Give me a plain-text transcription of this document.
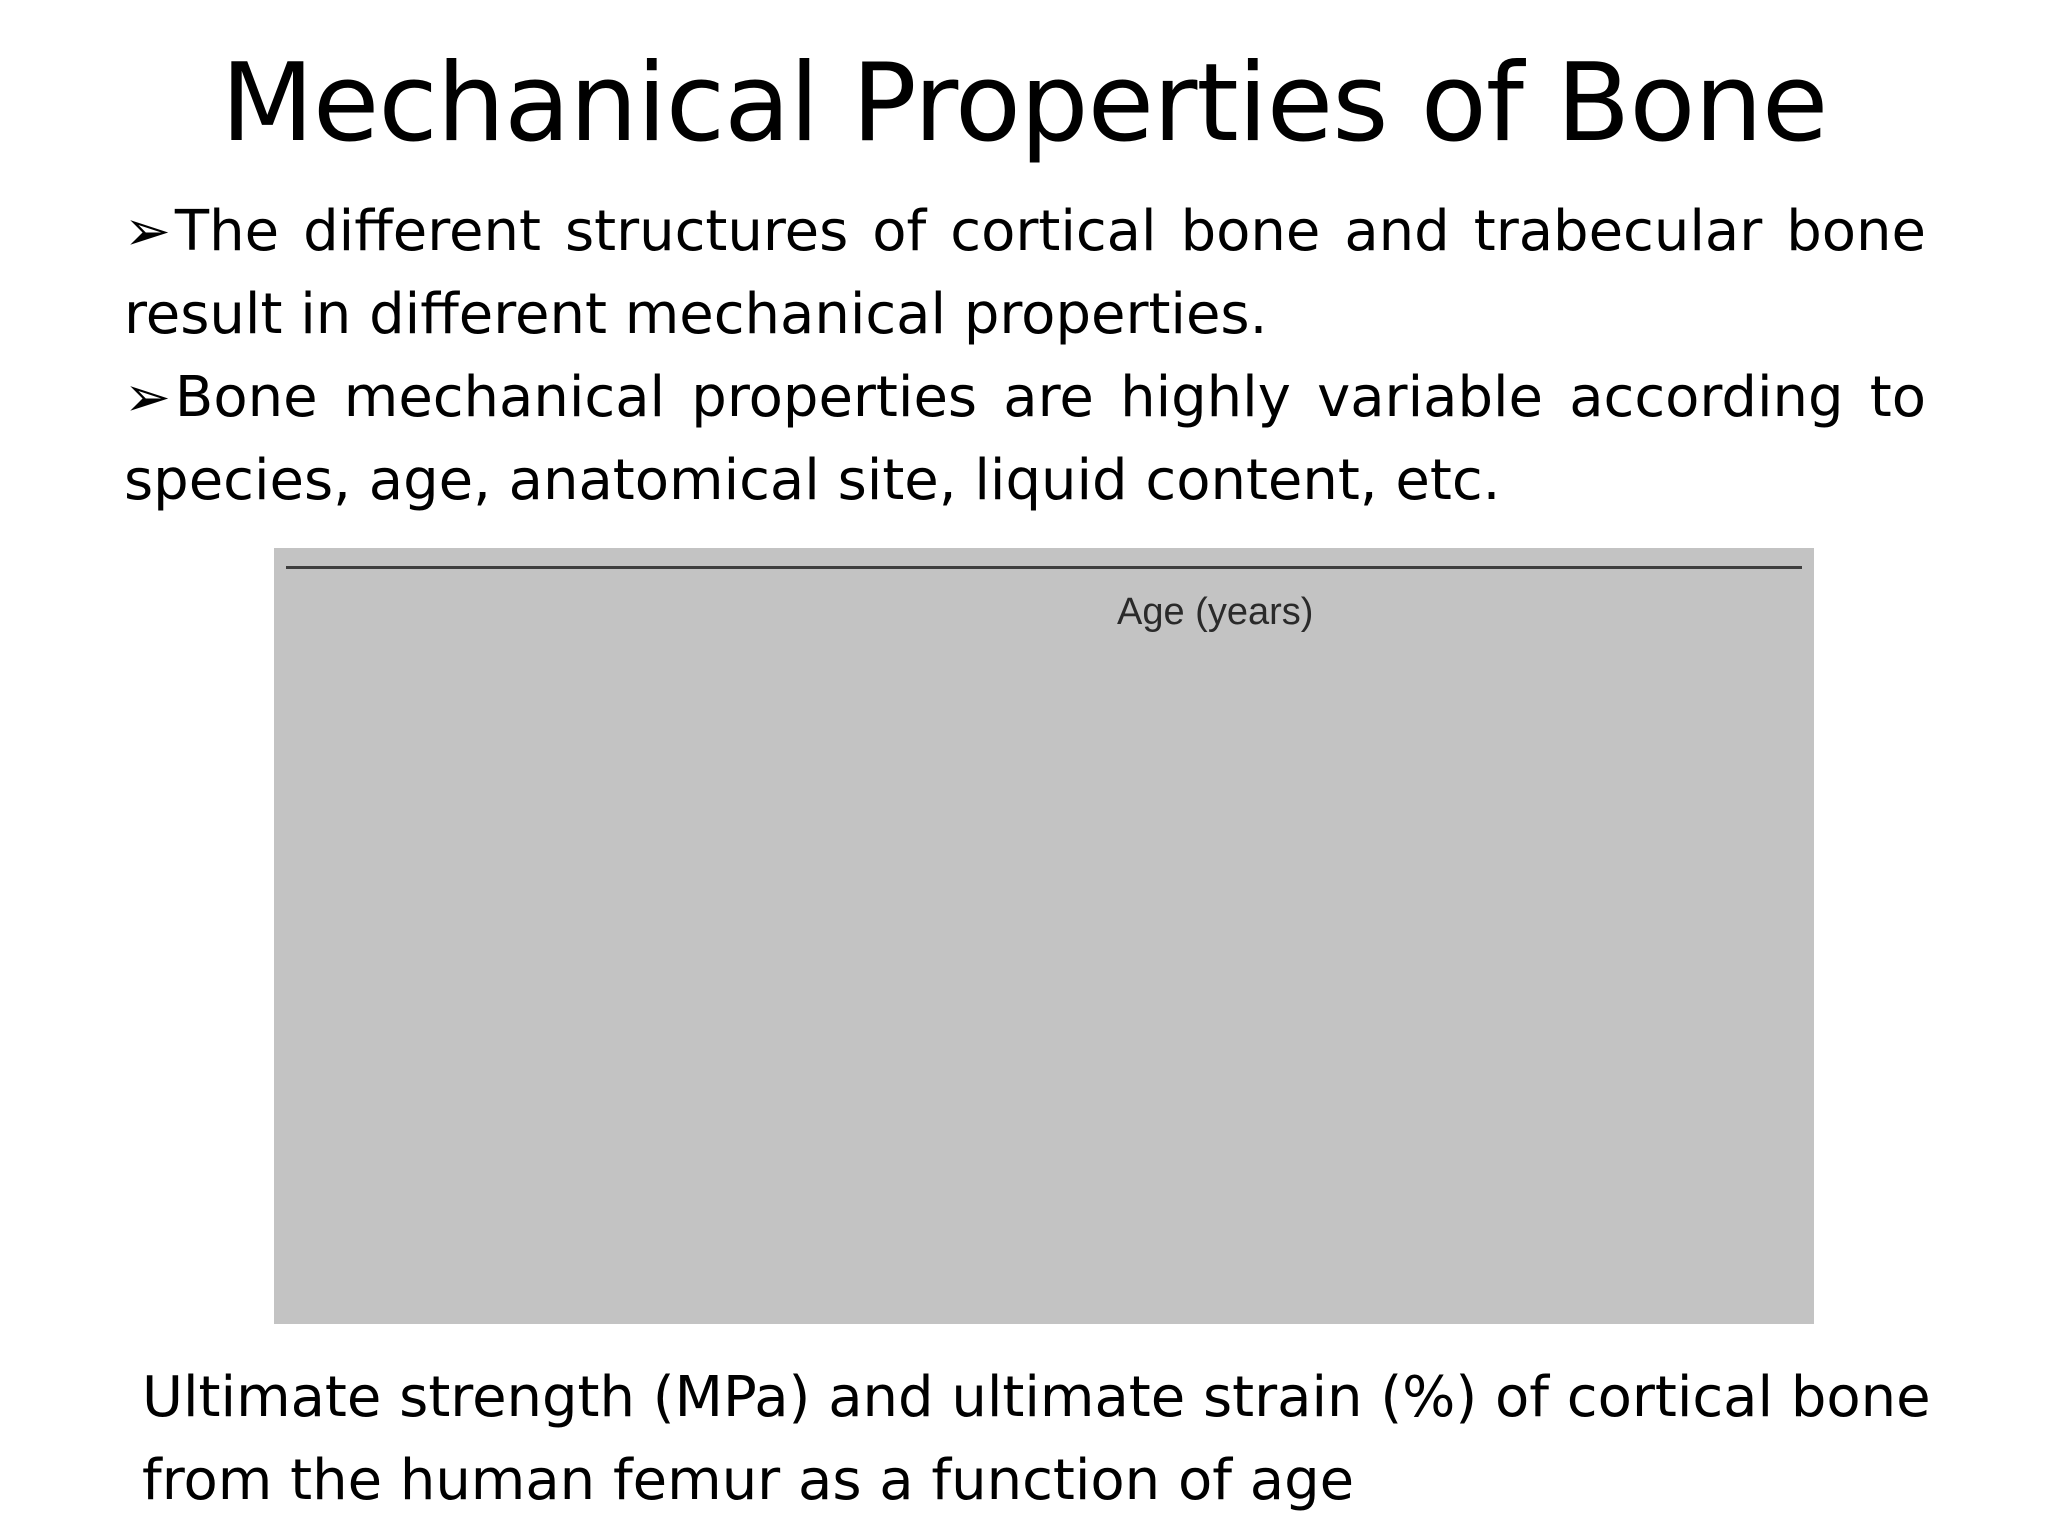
Mechanical Properties of Bone

➢The different structures of cortical bone and trabecular bone result in different mechanical properties.

➢Bone mechanical properties are highly variable according to species, age, anatomical site, liquid content, etc.

Age (years)

Ultimate strength (MPa) and ultimate strain (%) of cortical bone

from the human femur as a function of age
